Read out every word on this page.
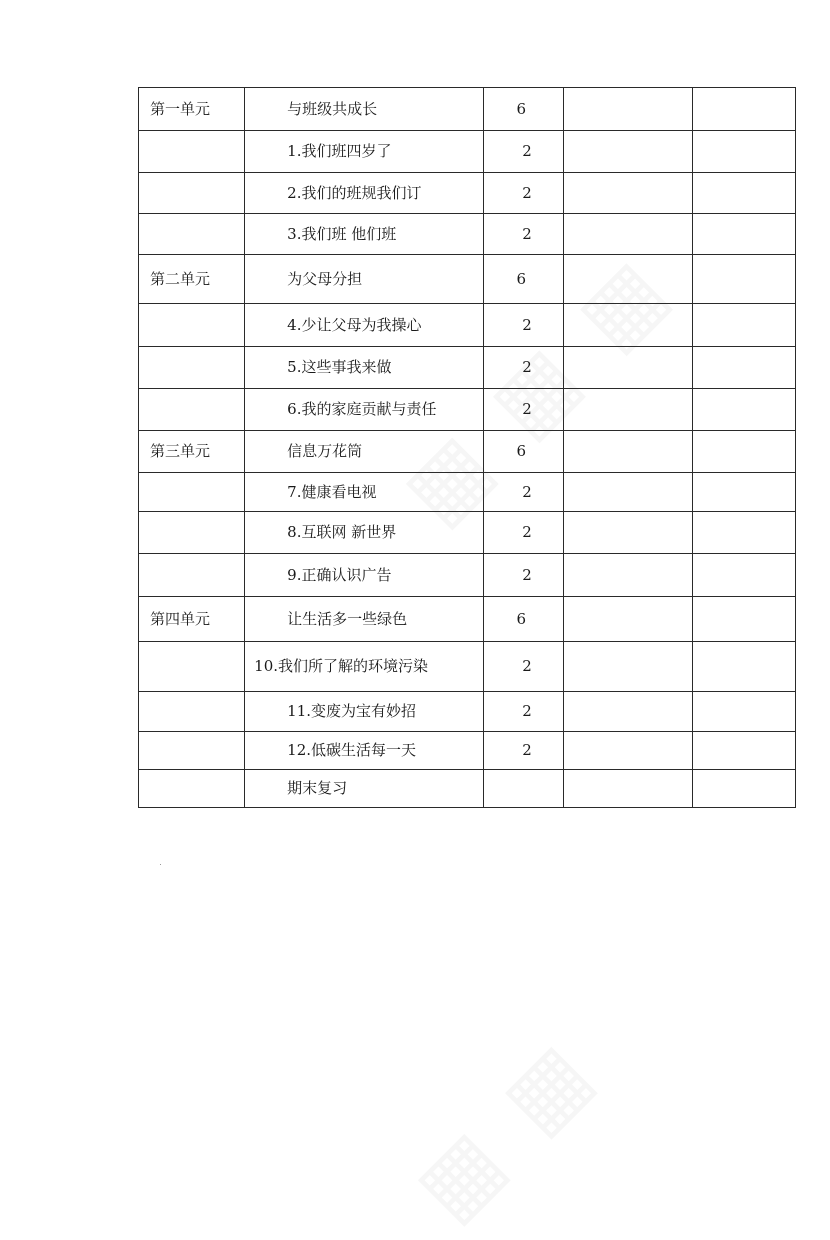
第一单元	与班级共成长	6		
	1.我们班四岁了	2		
	2.我们的班规我们订	2		
	3.我们班 他们班	2		
第二单元	为父母分担	6		
	4.少让父母为我操心	2		
	5.这些事我来做	2		
	6.我的家庭贡献与责任	2		
第三单元	信息万花筒	6		
	7.健康看电视	2		
	8.互联网 新世界	2		
	9.正确认识广告	2		
第四单元	让生活多一些绿色	6		
	10.我们所了解的环境污染	2		
	11.变废为宝有妙招	2		
	12.低碳生活每一天	2		
	期末复习			
